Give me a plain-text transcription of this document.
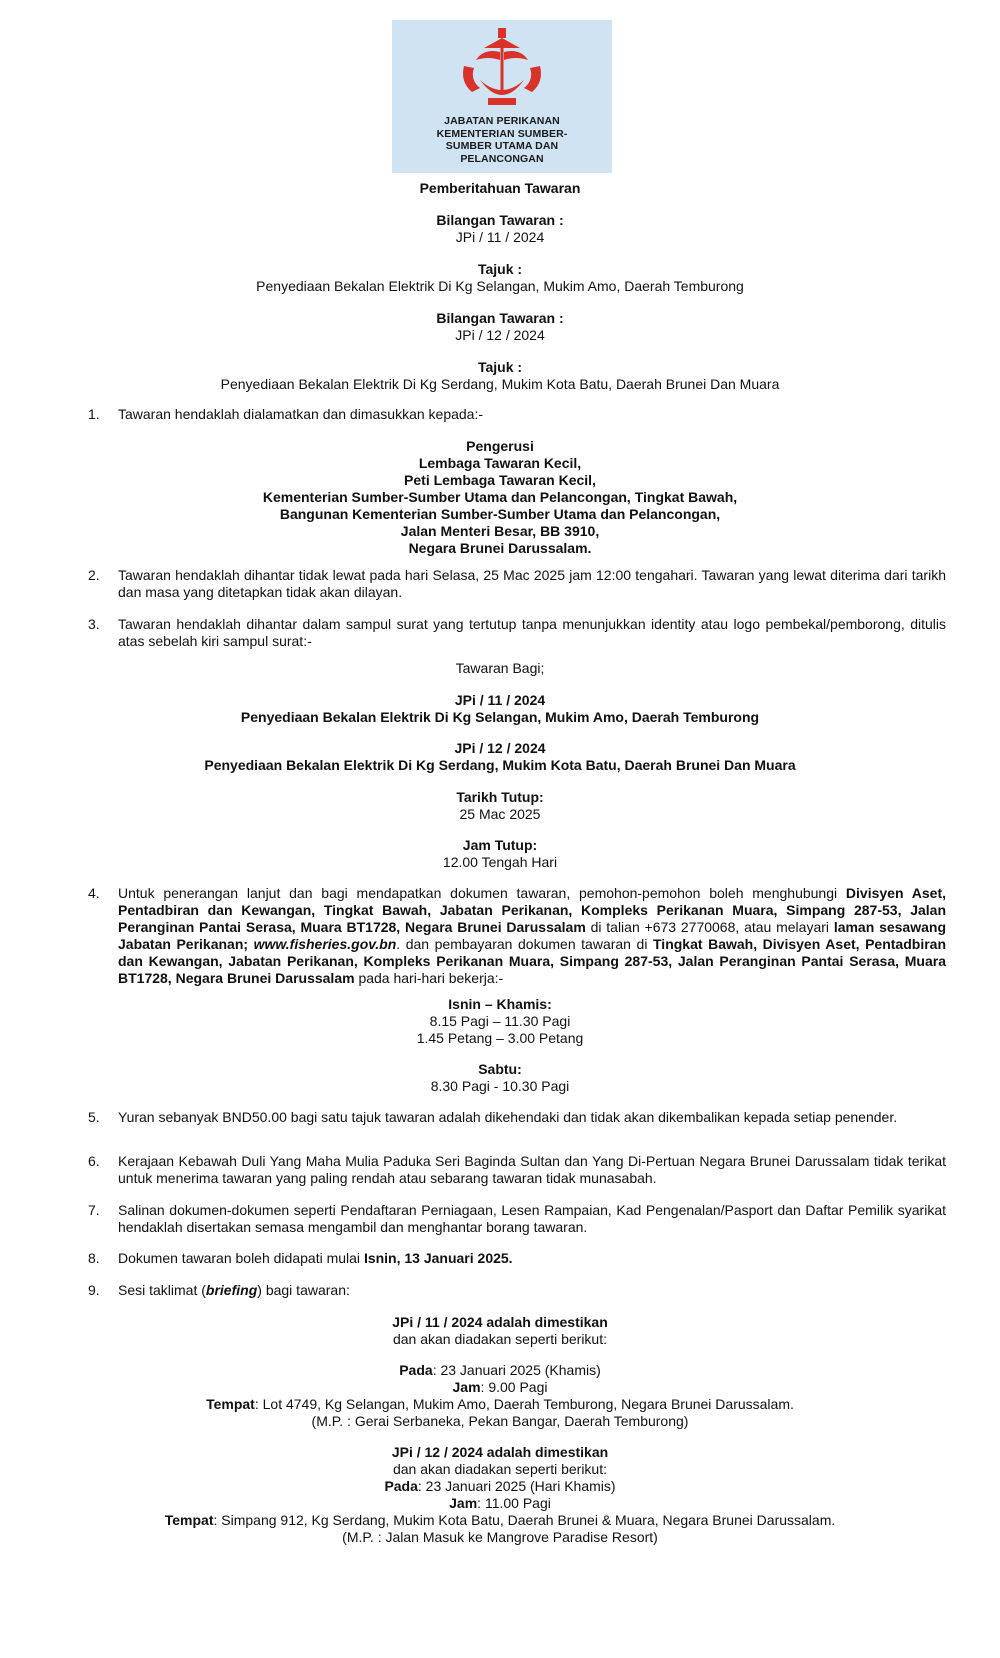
JABATAN PERIKANAN
KEMENTERIAN SUMBER-
SUMBER UTAMA DAN
PELANCONGAN
Pemberitahuan Tawaran
Bilangan Tawaran :
JPi / 11 / 2024
Tajuk :
Penyediaan Bekalan Elektrik Di Kg Selangan, Mukim Amo, Daerah Temburong
Bilangan Tawaran :
JPi / 12 / 2024
Tajuk :
Penyediaan Bekalan Elektrik Di Kg Serdang, Mukim Kota Batu, Daerah Brunei Dan Muara
1.	Tawaran hendaklah dialamatkan dan dimasukkan kepada:-
Pengerusi
Lembaga Tawaran Kecil,
Peti Lembaga Tawaran Kecil,
Kementerian Sumber-Sumber Utama dan Pelancongan, Tingkat Bawah,
Bangunan Kementerian Sumber-Sumber Utama dan Pelancongan,
Jalan Menteri Besar, BB 3910,
Negara Brunei Darussalam.
2.	Tawaran hendaklah dihantar tidak lewat pada hari Selasa, 25 Mac 2025 jam 12:00 tengahari. Tawaran yang lewat diterima dari tarikh dan masa yang ditetapkan tidak akan dilayan.
3.	Tawaran hendaklah dihantar dalam sampul surat yang tertutup tanpa menunjukkan identity atau logo pembekal/pemborong, ditulis atas sebelah kiri sampul surat:-
Tawaran Bagi;
JPi / 11 / 2024
Penyediaan Bekalan Elektrik Di Kg Selangan, Mukim Amo, Daerah Temburong
JPi / 12 / 2024
Penyediaan Bekalan Elektrik Di Kg Serdang, Mukim Kota Batu, Daerah Brunei Dan Muara
Tarikh Tutup:
25 Mac 2025
Jam Tutup:
12.00 Tengah Hari
4.	Untuk penerangan lanjut dan bagi mendapatkan dokumen tawaran, pemohon-pemohon boleh menghubungi Divisyen Aset, Pentadbiran dan Kewangan, Tingkat Bawah, Jabatan Perikanan, Kompleks Perikanan Muara, Simpang 287-53, Jalan Peranginan Pantai Serasa, Muara BT1728, Negara Brunei Darussalam di talian +673 2770068, atau melayari laman sesawang Jabatan Perikanan; www.fisheries.gov.bn. dan pembayaran dokumen tawaran di Tingkat Bawah, Divisyen Aset, Pentadbiran dan Kewangan, Jabatan Perikanan, Kompleks Perikanan Muara, Simpang 287-53, Jalan Peranginan Pantai Serasa, Muara BT1728, Negara Brunei Darussalam pada hari-hari bekerja:-
Isnin – Khamis:
8.15 Pagi – 11.30 Pagi
1.45 Petang – 3.00 Petang
Sabtu:
8.30 Pagi - 10.30 Pagi
5.	Yuran sebanyak BND50.00 bagi satu tajuk tawaran adalah dikehendaki dan tidak akan dikembalikan kepada setiap penender.
6.	Kerajaan Kebawah Duli Yang Maha Mulia Paduka Seri Baginda Sultan dan Yang Di-Pertuan Negara Brunei Darussalam tidak terikat untuk menerima tawaran yang paling rendah atau sebarang tawaran tidak munasabah.
7.	Salinan dokumen-dokumen seperti Pendaftaran Perniagaan, Lesen Rampaian, Kad Pengenalan/Pasport dan Daftar Pemilik syarikat hendaklah disertakan semasa mengambil dan menghantar borang tawaran.
8.	Dokumen tawaran boleh didapati mulai Isnin, 13 Januari 2025.
9.	Sesi taklimat (briefing) bagi tawaran:
JPi / 11 / 2024 adalah dimestikan
dan akan diadakan seperti berikut:
Pada: 23 Januari 2025 (Khamis)
Jam: 9.00 Pagi
Tempat: Lot 4749, Kg Selangan, Mukim Amo, Daerah Temburong, Negara Brunei Darussalam.
(M.P. : Gerai Serbaneka, Pekan Bangar, Daerah Temburong)
JPi / 12 / 2024 adalah dimestikan
dan akan diadakan seperti berikut:
Pada: 23 Januari 2025 (Hari Khamis)
Jam: 11.00 Pagi
Tempat: Simpang 912, Kg Serdang, Mukim Kota Batu, Daerah Brunei & Muara, Negara Brunei Darussalam.
(M.P. : Jalan Masuk ke Mangrove Paradise Resort)
